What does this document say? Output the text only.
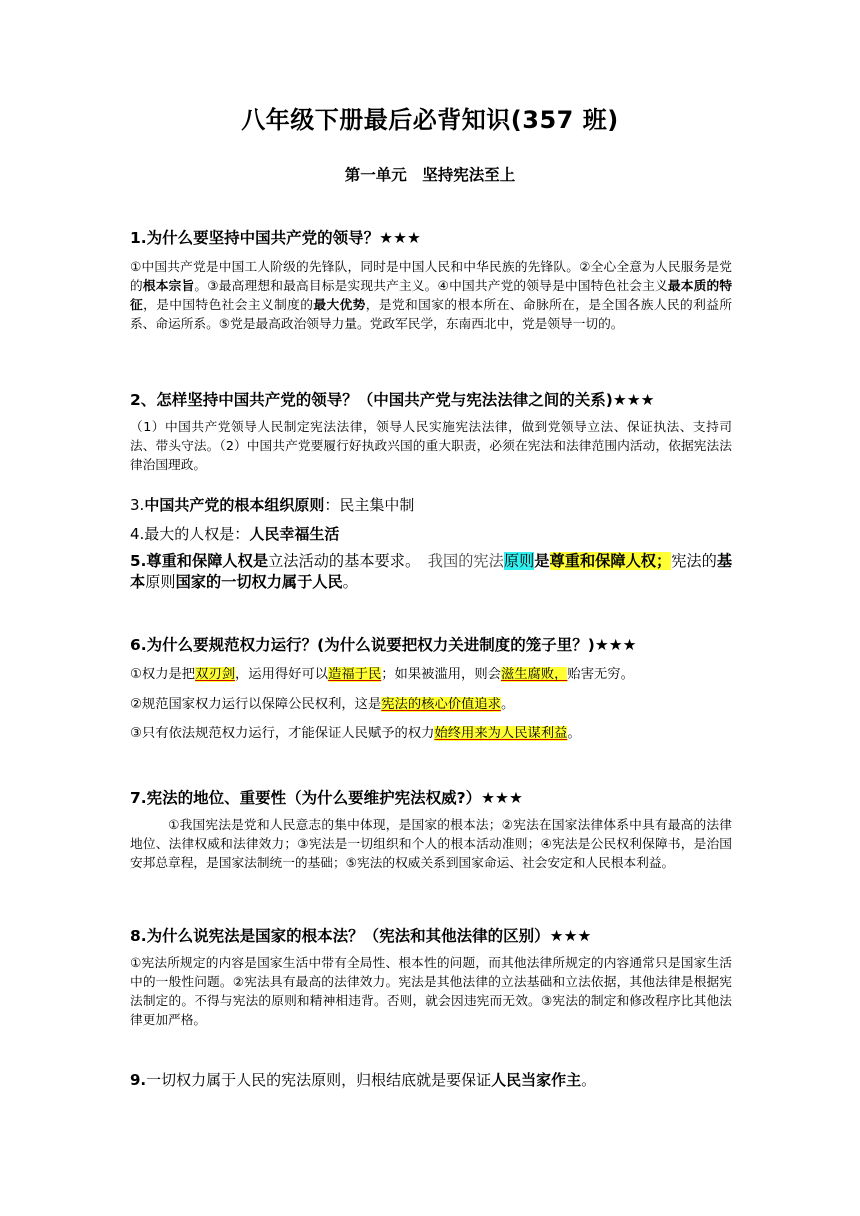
八年级下册最后必背知识(357 班)
第一单元　坚持宪法至上
1.为什么要坚持中国共产党的领导？★★★
①中国共产党是中国工人阶级的先锋队，同时是中国人民和中华民族的先锋队。②全心全意为人民服务是党的根本宗旨。③最高理想和最高目标是实现共产主义。④中国共产党的领导是中国特色社会主义最本质的特征，是中国特色社会主义制度的最大优势，是党和国家的根本所在、命脉所在，是全国各族人民的利益所系、命运所系。⑤党是最高政治领导力量。党政军民学，东南西北中，党是领导一切的。
2、怎样坚持中国共产党的领导？（中国共产党与宪法法律之间的关系)★★★
（1）中国共产党领导人民制定宪法法律，领导人民实施宪法法律，做到党领导立法、保证执法、支持司法、带头守法。（2）中国共产党要履行好执政兴国的重大职责，必须在宪法和法律范围内活动，依据宪法法律治国理政。
3.中国共产党的根本组织原则：民主集中制
4.最大的人权是：人民幸福生活
5.尊重和保障人权是立法活动的基本要求。　我国的宪法原则是尊重和保障人权；宪法的基本原则国家的一切权力属于人民。
6.为什么要规范权力运行？(为什么说要把权力关进制度的笼子里？)★★★
①权力是把双刃剑，运用得好可以造福于民；如果被滥用，则会滋生腐败，贻害无穷。
②规范国家权力运行以保障公民权利，这是宪法的核心价值追求。
③只有依法规范权力运行，才能保证人民赋予的权力始终用来为人民谋利益。
7.宪法的地位、重要性（为什么要维护宪法权威?）★★★
①我国宪法是党和人民意志的集中体现，是国家的根本法；②宪法在国家法律体系中具有最高的法律地位、法律权威和法律效力；③宪法是一切组织和个人的根本活动准则；④宪法是公民权利保障书，是治国安邦总章程，是国家法制统一的基础；⑤宪法的权威关系到国家命运、社会安定和人民根本利益。
8.为什么说宪法是国家的根本法？（宪法和其他法律的区别）★★★
①宪法所规定的内容是国家生活中带有全局性、根本性的问题，而其他法律所规定的内容通常只是国家生活中的一般性问题。②宪法具有最高的法律效力。宪法是其他法律的立法基础和立法依据，其他法律是根据宪法制定的。不得与宪法的原则和精神相违背。否则，就会因违宪而无效。③宪法的制定和修改程序比其他法律更加严格。
9.一切权力属于人民的宪法原则，归根结底就是要保证人民当家作主。
